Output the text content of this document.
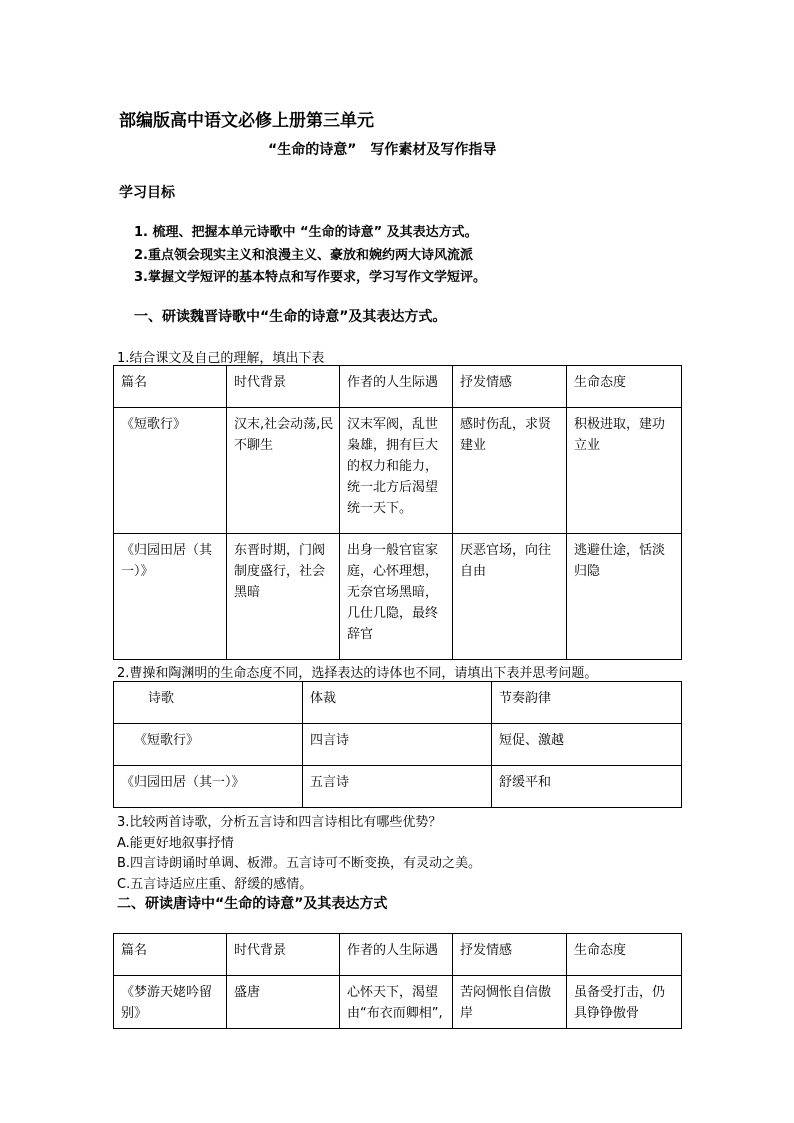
部编版高中语文必修上册第三单元
“生命的诗意”　写作素材及写作指导
学习目标
1. 梳理、把握本单元诗歌中 “生命的诗意” 及其表达方式。
2.重点领会现实主义和浪漫主义、豪放和婉约两大诗风流派
3.掌握文学短评的基本特点和写作要求，学习写作文学短评。
一、研读魏晋诗歌中“生命的诗意”及其表达方式。
1.结合课文及自己的理解，填出下表
篇名	时代背景	作者的人生际遇	抒发情感	生命态度
《短歌行》	汉末,社会动荡,民不聊生	汉末军阀，乱世枭雄，拥有巨大的权力和能力，统一北方后渴望统一天下。	感时伤乱，求贤建业	积极进取，建功立业
《归园田居（其一）》	东晋时期，门阀制度盛行，社会黑暗	出身一般官宦家庭，心怀理想，无奈官场黑暗，几仕几隐，最终辞官	厌恶官场，向往自由	逃避仕途，恬淡归隐
2.曹操和陶渊明的生命态度不同，选择表达的诗体也不同，请填出下表并思考问题。
诗歌	体裁	节奏韵律
《短歌行》	四言诗	短促、激越
《归园田居（其一）》	五言诗	舒缓平和
3.比较两首诗歌，分析五言诗和四言诗相比有哪些优势？
A.能更好地叙事抒情
B.四言诗朗诵时单调、板滞。五言诗可不断变换，有灵动之美。
C.五言诗适应庄重、舒缓的感情。
二、研读唐诗中“生命的诗意”及其表达方式
篇名	时代背景	作者的人生际遇	抒发情感	生命态度
《梦游天姥吟留别》	盛唐	心怀天下，渴望由“布衣而卿相”,	苦闷惆怅自信傲岸	虽备受打击，仍具铮铮傲骨
